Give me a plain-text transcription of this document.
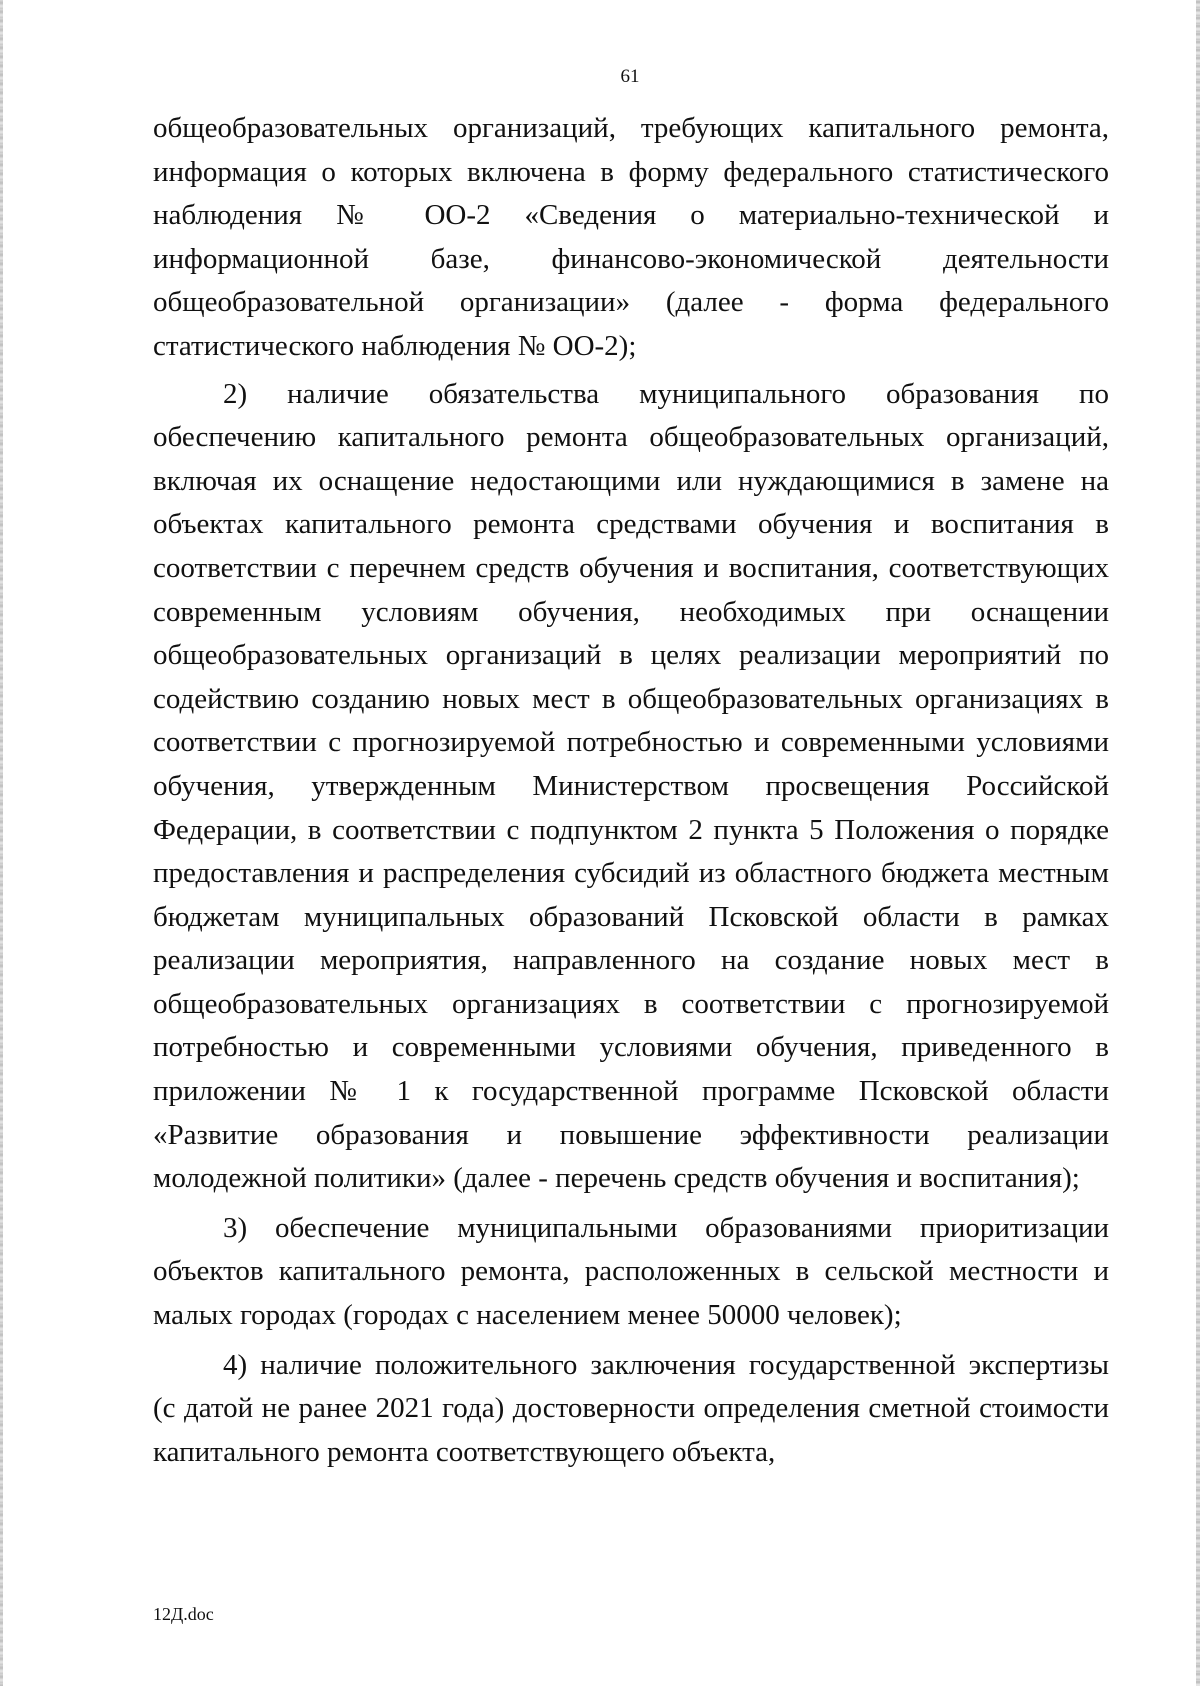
61

общеобразовательных организаций, требующих капитального ремонта, информация о которых включена в форму федерального статистического наблюдения № ОО-2 «Сведения о материально-технической и информационной базе, финансово-экономической деятельности общеобразовательной организации» (далее - форма федерального статистического наблюдения № ОО-2);

2) наличие обязательства муниципального образования по обеспечению капитального ремонта общеобразовательных организаций, включая их оснащение недостающими или нуждающимися в замене на объектах капитального ремонта средствами обучения и воспитания в соответствии с перечнем средств обучения и воспитания, соответствующих современным условиям обучения, необходимых при оснащении общеобразовательных организаций в целях реализации мероприятий по содействию созданию новых мест в общеобразовательных организациях в соответствии с прогнозируемой потребностью и современными условиями обучения, утвержденным Министерством просвещения Российской Федерации, в соответствии с подпунктом 2 пункта 5 Положения о порядке предоставления и распределения субсидий из областного бюджета местным бюджетам муниципальных образований Псковской области в рамках реализации мероприятия, направленного на создание новых мест в общеобразовательных организациях в соответствии с прогнозируемой потребностью и современными условиями обучения, приведенного в приложении № 1 к государственной программе Псковской области «Развитие образования и повышение эффективности реализации молодежной политики» (далее - перечень средств обучения и воспитания);

3) обеспечение муниципальными образованиями приоритизации объектов капитального ремонта, расположенных в сельской местности и малых городах (городах с населением менее 50000 человек);

4) наличие положительного заключения государственной экспертизы (с датой не ранее 2021 года) достоверности определения сметной стоимости капитального ремонта соответствующего объекта,

12Д.doc
